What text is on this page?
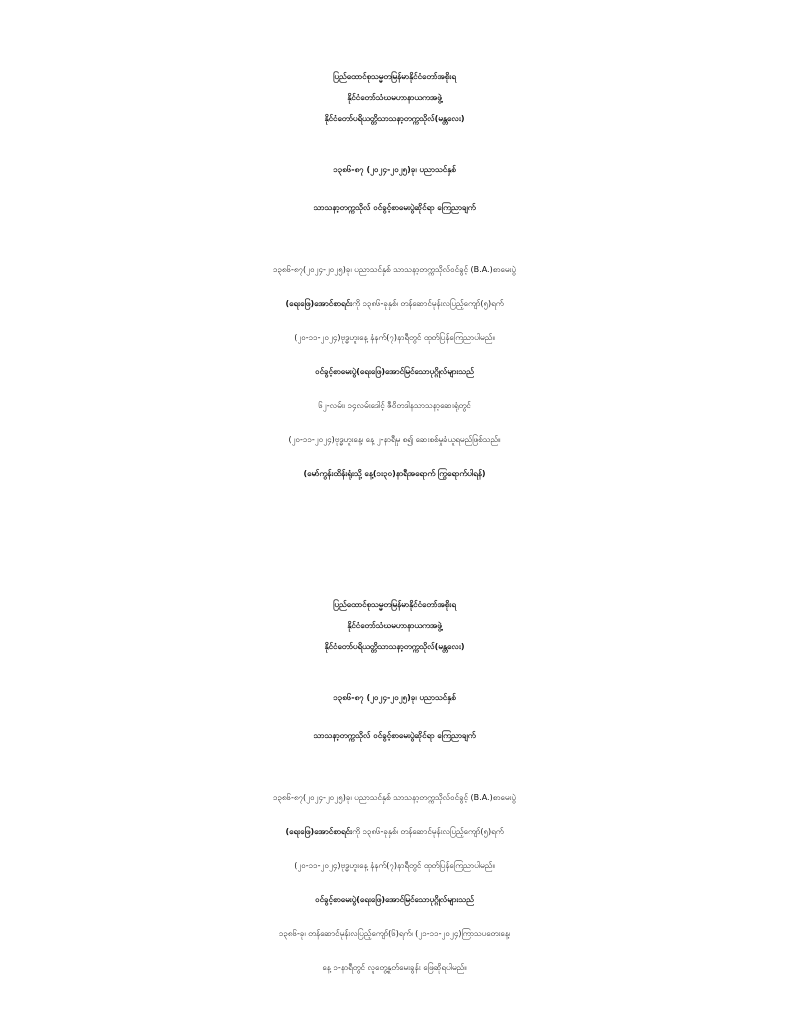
ပြည်ထောင်စုသမ္မတမြန်မာနိုင်ငံတော်အစိုးရ
နိုင်ငံတော်သံဃမဟာနာယကအဖွဲ့
နိုင်ငံတော်ပရိယတ္တိသာသနာ့တက္ကသိုလ်(မန္တလေး)
၁၃၈၆-၈၇ (၂၀၂၄-၂၀၂၅)ခု၊ ပညာသင်နှစ်
သာသနာ့တက္ကသိုလ် ဝင်ခွင့်စာမေးပွဲဆိုင်ရာ ကြေညာချက်
၁၃၈၆-၈၇(၂၀၂၄-၂၀၂၅)ခု၊ ပညာသင်နှစ် သာသနာ့တက္ကသိုလ်ဝင်ခွင့် (B.A.)စာမေးပွဲ
(ရေးဖြေ)အောင်စာရင်းကို ၁၃၈၆-ခုနှစ်၊ တန်ဆောင်မုန်းလပြည့်ကျော်(၅)ရက်
(၂၀-၁၁-၂၀၂၄)ဗုဒ္ဓဟူးနေ့ နံနက်(၇)နာရီတွင် ထုတ်ပြန်ကြေညာပါမည်။
ဝင်ခွင့်စာမေးပွဲ(ရေးဖြေ)အောင်မြင်သောပုဂ္ဂိုလ်များသည်
၆၂-လမ်း၊ ၁၄လမ်းဒေါင့် ဇီဝိတဒါနသာသနာ့ဆေးရုံတွင်
(၂၀-၁၁-၂၀၂၄)ဗုဒ္ဓဟူးနေ့၊ နေ့ ၂-နာရီမှ စ၍ ဆေးစစ်မှုခံယူရမည်ဖြစ်သည်။
(မော်ကွန်းထိန်းရုံးသို့ နေ့(၁း၃၀)နာရီအရောက် ကြွရောက်ပါရန်)
ပြည်ထောင်စုသမ္မတမြန်မာနိုင်ငံတော်အစိုးရ
နိုင်ငံတော်သံဃမဟာနာယကအဖွဲ့
နိုင်ငံတော်ပရိယတ္တိသာသနာ့တက္ကသိုလ်(မန္တလေး)
၁၃၈၆-၈၇ (၂၀၂၄-၂၀၂၅)ခု၊ ပညာသင်နှစ်
သာသနာ့တက္ကသိုလ် ဝင်ခွင့်စာမေးပွဲဆိုင်ရာ ကြေညာချက်
၁၃၈၆-၈၇(၂၀၂၄-၂၀၂၅)ခု၊ ပညာသင်နှစ် သာသနာ့တက္ကသိုလ်ဝင်ခွင့် (B.A.)စာမေးပွဲ
(ရေးဖြေ)အောင်စာရင်းကို ၁၃၈၆-ခုနှစ်၊ တန်ဆောင်မုန်းလပြည့်ကျော်(၅)ရက်
(၂၀-၁၁-၂၀၂၄)ဗုဒ္ဓဟူးနေ့ နံနက်(၇)နာရီတွင် ထုတ်ပြန်ကြေညာပါမည်။
ဝင်ခွင့်စာမေးပွဲ(ရေးဖြေ)အောင်မြင်သောပုဂ္ဂိုလ်များသည်
၁၃၈၆-ခု၊ တန်ဆောင်မုန်းလပြည့်ကျော်(၆)ရက်၊ (၂၁-၁၁-၂၀၂၄)ကြာသပတေးနေ့၊
နေ့ ၁-နာရီတွင် လူတွေ့နှုတ်မေးခွန်း ဖြေဆိုရပါမည်။
